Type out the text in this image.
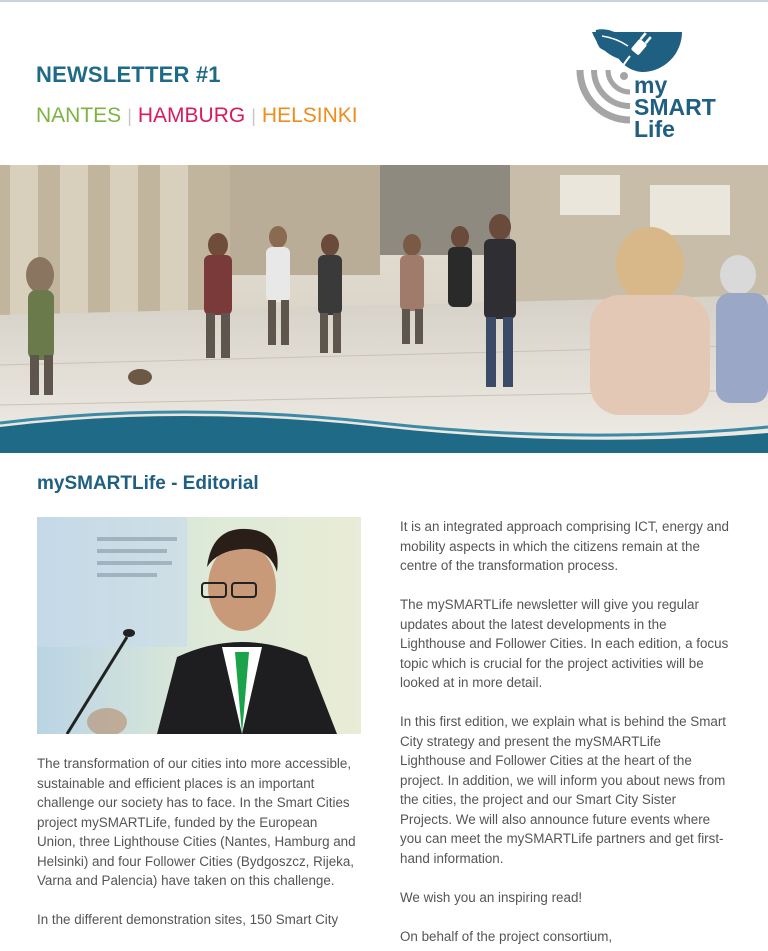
NEWSLETTER #1
NANTES | HAMBURG | HELSINKI
my
SMART
Life
mySMARTLife - Editorial

The transformation of our cities into more accessible, sustainable and efficient places is an important challenge our society has to face. In the Smart Cities project mySMARTLife, funded by the European Union, three Lighthouse Cities (Nantes, Hamburg and Helsinki) and four Follower Cities (Bydgoszcz, Rijeka, Varna and Palencia) have taken on this challenge.

In the different demonstration sites, 150 Smart City

It is an integrated approach comprising ICT, energy and mobility aspects in which the citizens remain at the centre of the transformation process.

The mySMARTLife newsletter will give you regular updates about the latest developments in the Lighthouse and Follower Cities. In each edition, a focus topic which is crucial for the project activities will be looked at in more detail.

In this first edition, we explain what is behind the Smart City strategy and present the mySMARTLife Lighthouse and Follower Cities at the heart of the project. In addition, we will inform you about news from the cities, the project and our Smart City Sister Projects. We will also announce future events where you can meet the mySMARTLife partners and get first-hand information.

We wish you an inspiring read!

On behalf of the project consortium,
